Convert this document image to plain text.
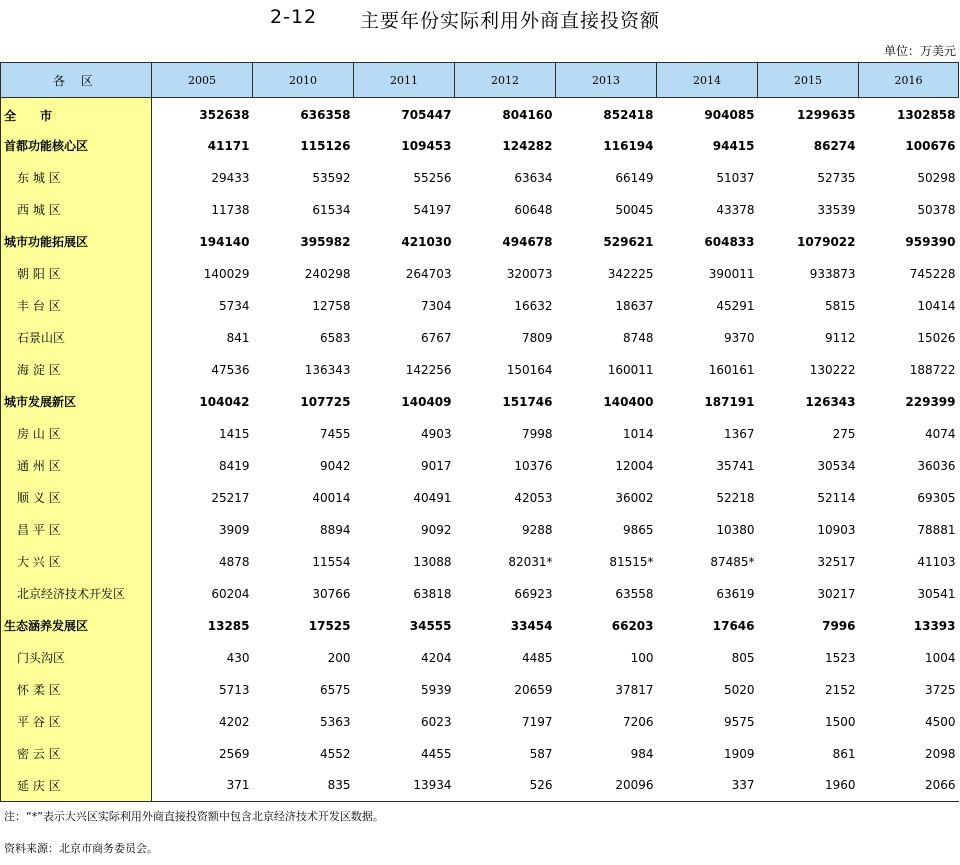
2-12 主要年份实际利用外商直接投资额
单位：万美元
各 区	2005	2010	2011	2012	2013	2014	2015	2016
全　　市	352638	636358	705447	804160	852418	904085	1299635	1302858
首都功能核心区	41171	115126	109453	124282	116194	94415	86274	100676
东 城 区	29433	53592	55256	63634	66149	51037	52735	50298
西 城 区	11738	61534	54197	60648	50045	43378	33539	50378
城市功能拓展区	194140	395982	421030	494678	529621	604833	1079022	959390
朝 阳 区	140029	240298	264703	320073	342225	390011	933873	745228
丰 台 区	5734	12758	7304	16632	18637	45291	5815	10414
石景山区	841	6583	6767	7809	8748	9370	9112	15026
海 淀 区	47536	136343	142256	150164	160011	160161	130222	188722
城市发展新区	104042	107725	140409	151746	140400	187191	126343	229399
房 山 区	1415	7455	4903	7998	1014	1367	275	4074
通 州 区	8419	9042	9017	10376	12004	35741	30534	36036
顺 义 区	25217	40014	40491	42053	36002	52218	52114	69305
昌 平 区	3909	8894	9092	9288	9865	10380	10903	78881
大 兴 区	4878	11554	13088	82031*	81515*	87485*	32517	41103
北京经济技术开发区	60204	30766	63818	66923	63558	63619	30217	30541
生态涵养发展区	13285	17525	34555	33454	66203	17646	7996	13393
门头沟区	430	200	4204	4485	100	805	1523	1004
怀 柔 区	5713	6575	5939	20659	37817	5020	2152	3725
平 谷 区	4202	5363	6023	7197	7206	9575	1500	4500
密 云 区	2569	4552	4455	587	984	1909	861	2098
延 庆 区	371	835	13934	526	20096	337	1960	2066
注：“*”表示大兴区实际利用外商直接投资额中包含北京经济技术开发区数据。
资料来源：北京市商务委员会。
